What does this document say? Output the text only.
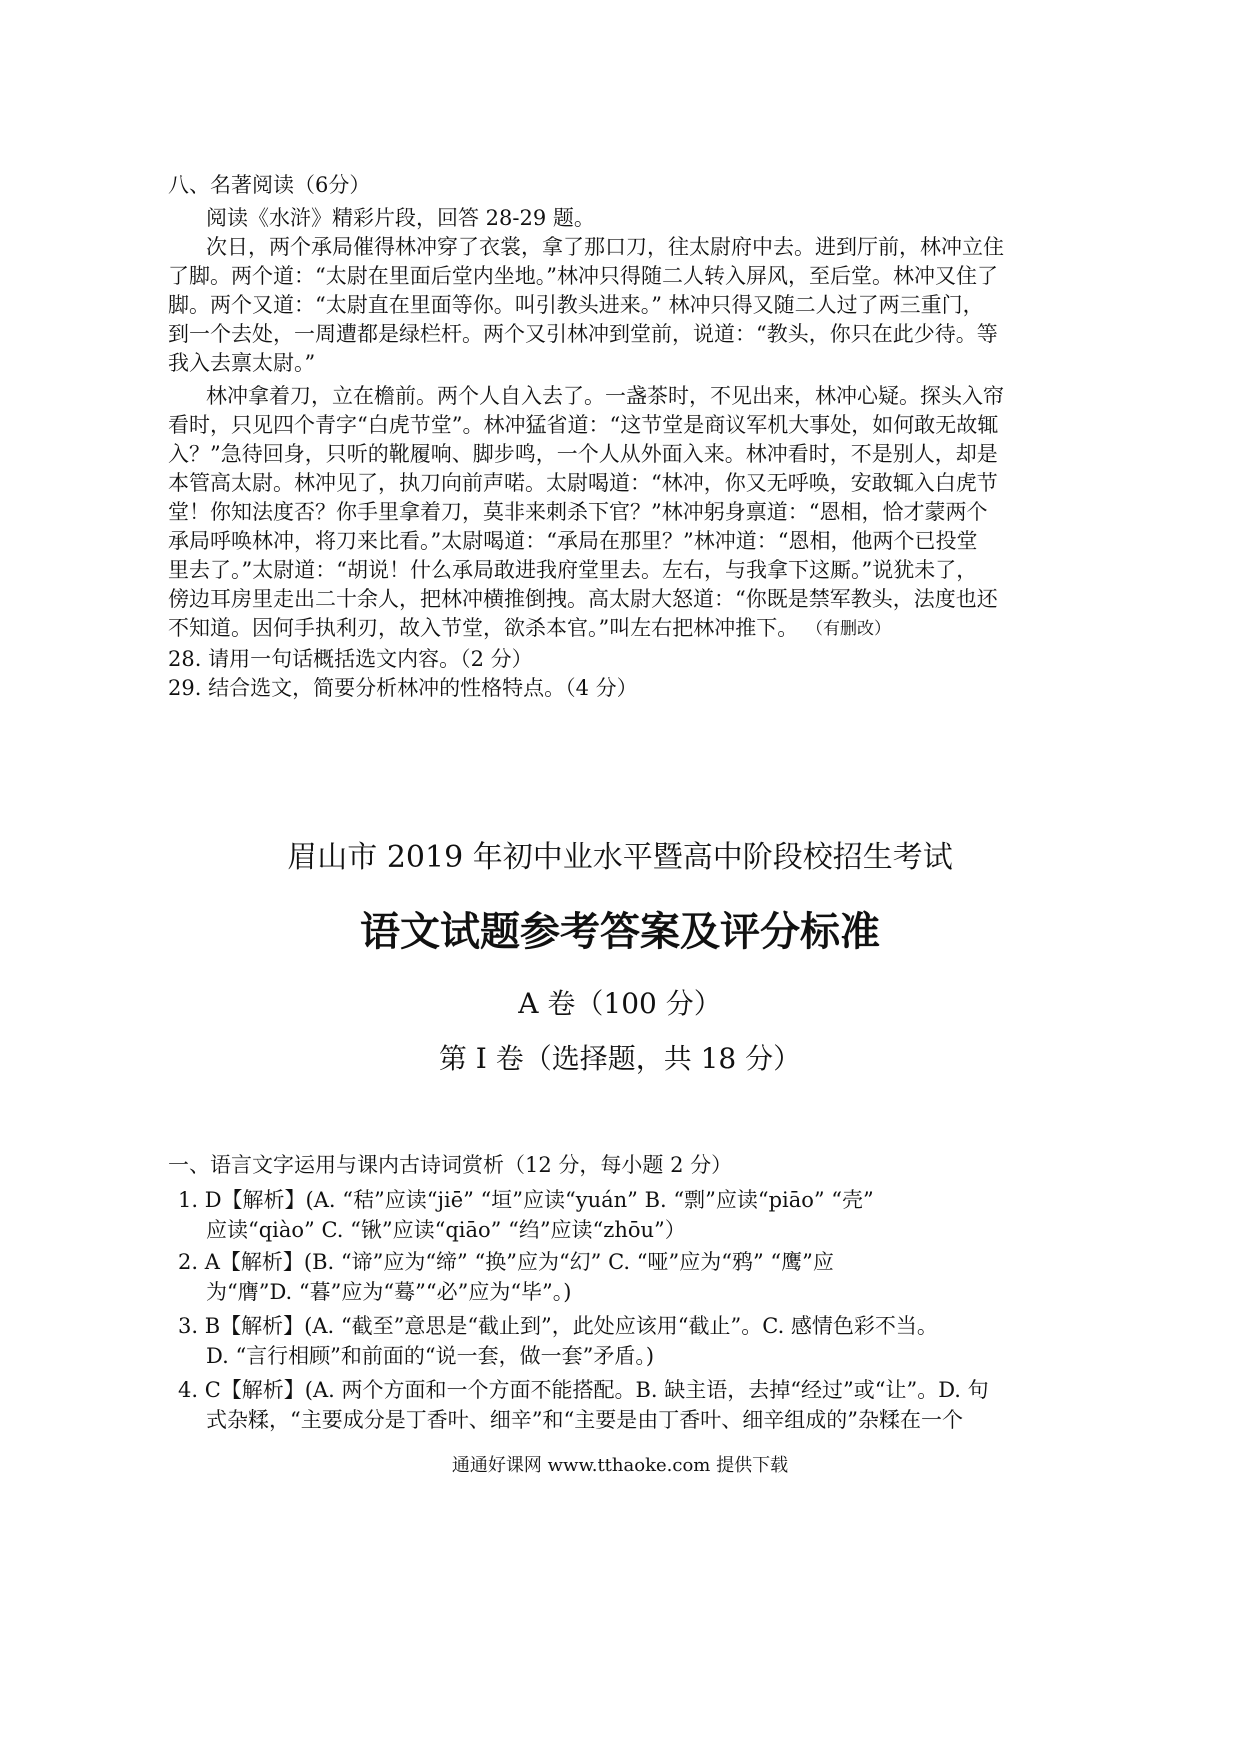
八、名著阅读（6分）
阅读《水浒》精彩片段，回答 28-29 题。
次日，两个承局催得林冲穿了衣裳，拿了那口刀，往太尉府中去。进到厅前，林冲立住
了脚。两个道：“太尉在里面后堂内坐地。”林冲只得随二人转入屏风，至后堂。林冲又住了
脚。两个又道：“太尉直在里面等你。叫引教头进来。” 林冲只得又随二人过了两三重门，
到一个去处，一周遭都是绿栏杆。两个又引林冲到堂前，说道：“教头，你只在此少待。等
我入去禀太尉。”
林冲拿着刀，立在檐前。两个人自入去了。一盏茶时，不见出来，林冲心疑。探头入帘
看时，只见四个青字“白虎节堂”。林冲猛省道：“这节堂是商议军机大事处，如何敢无故辄
入？”急待回身，只听的靴履响、脚步鸣，一个人从外面入来。林冲看时，不是别人，却是
本管高太尉。林冲见了，执刀向前声喏。太尉喝道：“林冲，你又无呼唤，安敢辄入白虎节
堂！你知法度否？你手里拿着刀，莫非来刺杀下官？”林冲躬身禀道：“恩相，恰才蒙两个
承局呼唤林冲，将刀来比看。”太尉喝道：“承局在那里？”林冲道：“恩相，他两个已投堂
里去了。”太尉道：“胡说！什么承局敢进我府堂里去。左右，与我拿下这厮。”说犹未了，
傍边耳房里走出二十余人，把林冲横推倒拽。高太尉大怒道：“你既是禁军教头，法度也还
不知道。因何手执利刃，故入节堂，欲杀本官。”叫左右把林冲推下。 （有删改）
28. 请用一句话概括选文内容。（2 分）
29. 结合选文，简要分析林冲的性格特点。（4 分）
眉山市 2019 年初中业水平暨高中阶段校招生考试
语文试题参考答案及评分标准
A 卷（100 分）
第 I 卷（选择题，共 18 分）
一、语言文字运用与课内古诗词赏析（12 分，每小题 2 分）
1. D【解析】(A. “秸”应读“jiē” “垣”应读“yuán” B. “剽”应读“piāo” “壳”
应读“qiào” C. “锹”应读“qiāo” “绉”应读“zhōu”）
2. A【解析】(B. “谛”应为“缔” “换”应为“幻” C. “哑”应为“鸦” “鹰”应
为“膺”D. “暮”应为“蓦”“必”应为“毕”。)
3. B【解析】(A. “截至”意思是“截止到”，此处应该用“截止”。C. 感情色彩不当。
D. “言行相顾”和前面的“说一套，做一套”矛盾。)
4. C【解析】(A. 两个方面和一个方面不能搭配。B. 缺主语，去掉“经过”或“让”。D. 句
式杂糅，“主要成分是丁香叶、细辛”和“主要是由丁香叶、细辛组成的”杂糅在一个
通通好课网 www.tthaoke.com 提供下载
